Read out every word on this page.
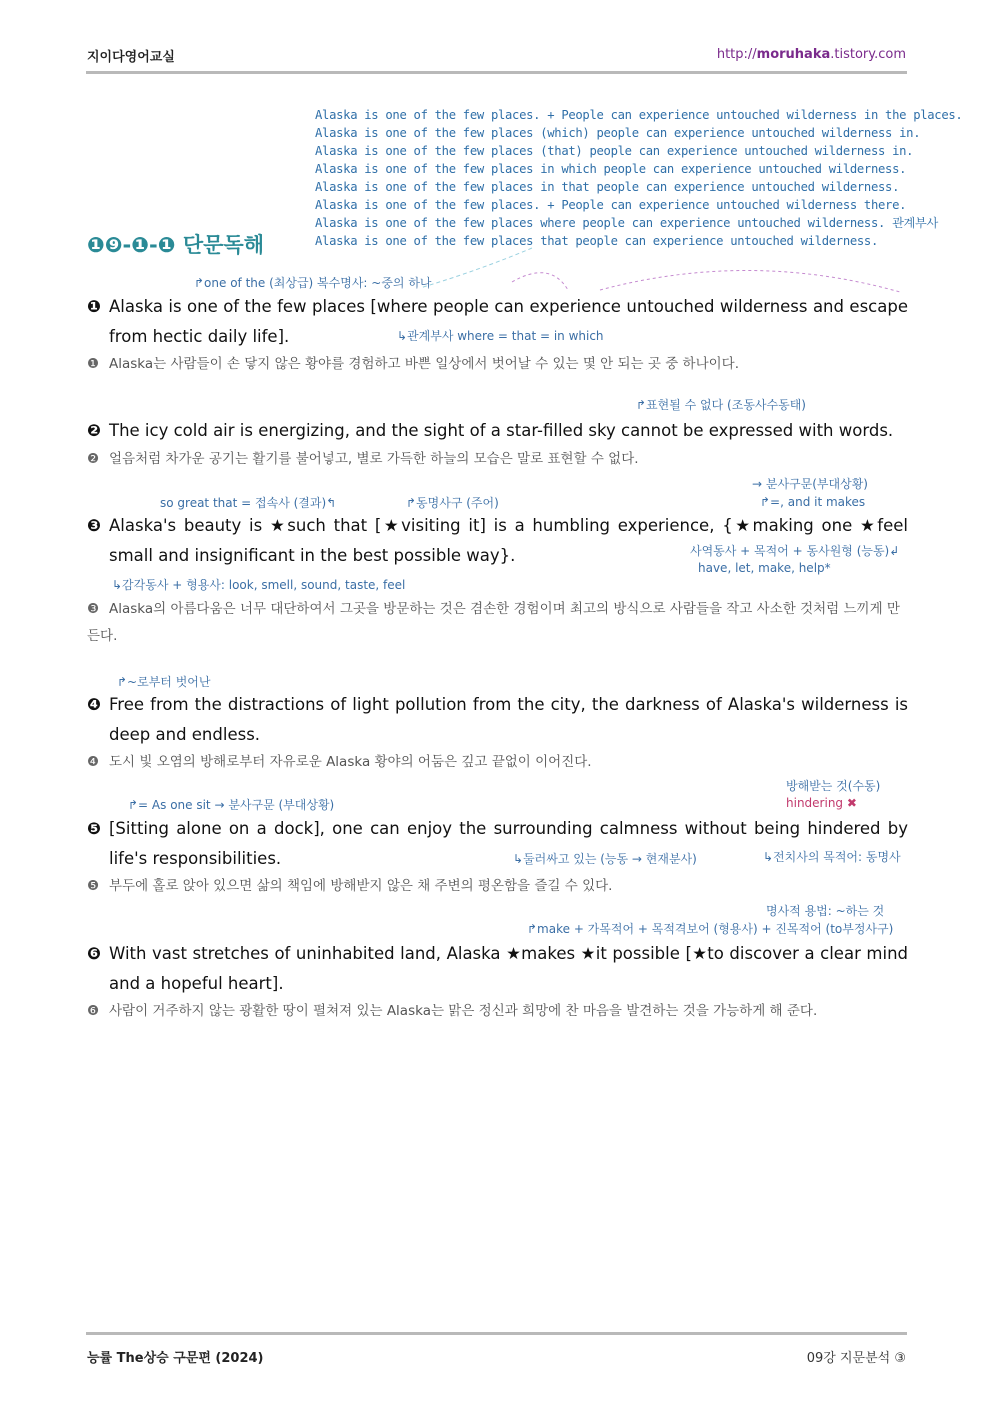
지이다영어교실	http://moruhaka.tistory.com
Alaska is one of the few places. + People can experience untouched wilderness in the places.
Alaska is one of the few places (which) people can experience untouched wilderness in.
Alaska is one of the few places (that) people can experience untouched wilderness in.
Alaska is one of the few places in which people can experience untouched wilderness.
Alaska is one of the few places in that people can experience untouched wilderness.
Alaska is one of the few places. + People can experience untouched wilderness there.
Alaska is one of the few places where people can experience untouched wilderness. 관계부사
Alaska is one of the few places that people can experience untouched wilderness.
❶❾-❶-❶ 단문독해
↱one of the (최상급) 복수명사: ~중의 하나
❶ Alaska is one of the few places [where people can experience untouched wilderness and escape from hectic daily life].	↳관계부사 where = that = in which
❶ Alaska는 사람들이 손 닿지 않은 황야를 경험하고 바쁜 일상에서 벗어날 수 있는 몇 안 되는 곳 중 하나이다.
↱표현될 수 없다 (조동사수동태)
❷ The icy cold air is energizing, and the sight of a star-filled sky cannot be expressed with words.
❷ 얼음처럼 차가운 공기는 활기를 불어넣고, 별로 가득한 하늘의 모습은 말로 표현할 수 없다.
so great that = 접속사 (결과)↰	↱동명사구 (주어)
→ 분사구문(부대상황)
↱=, and it makes
❸ Alaska's beauty is ★such that [★visiting it] is a humbling experience, {★making one ★feel small and insignificant in the best possible way}.	사역동사 + 목적어 + 동사원형 (능동)↲
have, let, make, help*
↳감각동사 + 형용사: look, smell, sound, taste, feel
❸ Alaska의 아름다움은 너무 대단하여서 그곳을 방문하는 것은 겸손한 경험이며 최고의 방식으로 사람들을 작고 사소한 것처럼 느끼게 만든다.
↱~로부터 벗어난
❹ Free from the distractions of light pollution from the city, the darkness of Alaska's wilderness is deep and endless.
❹ 도시 빛 오염의 방해로부터 자유로운 Alaska 황야의 어둠은 깊고 끝없이 이어진다.
방해받는 것(수동)
hindering ✖
↱= As one sit → 분사구문 (부대상황)
❺ [Sitting alone on a dock], one can enjoy the surrounding calmness without being hindered by life's responsibilities.	↳둘러싸고 있는 (능동 → 현재분사)	↳전치사의 목적어: 동명사
❺ 부두에 홀로 앉아 있으면 삶의 책임에 방해받지 않은 채 주변의 평온함을 즐길 수 있다.
명사적 용법: ~하는 것
↱make + 가목적어 + 목적격보어 (형용사) + 진목적어 (to부정사구)
❻ With vast stretches of uninhabited land, Alaska ★makes ★it possible [★to discover a clear mind and a hopeful heart].
❻ 사람이 거주하지 않는 광활한 땅이 펼쳐져 있는 Alaska는 맑은 정신과 희망에 찬 마음을 발견하는 것을 가능하게 해 준다.
능률 The상승 구문편 (2024)	09강 지문분석 ③
